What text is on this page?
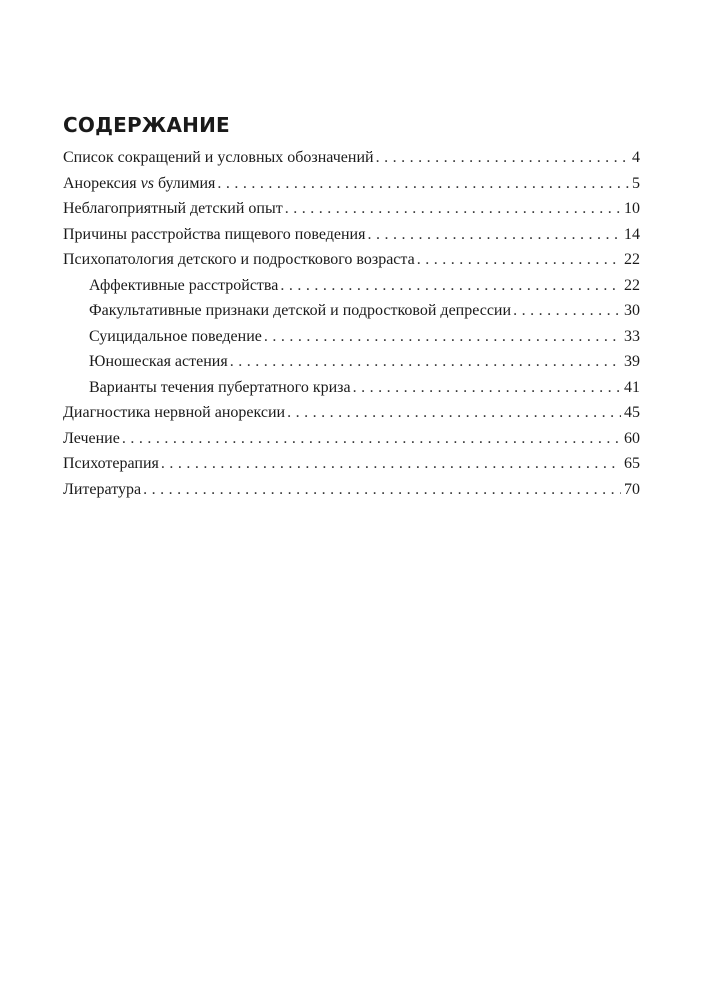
СОДЕРЖАНИЕ
Список сокращений и условных обозначений . . .	4
Анорексия vs булимия . . .	5
Неблагоприятный детский опыт . . .	10
Причины расстройства пищевого поведения . . .	14
Психопатология детского и подросткового возраста . . .	22
Аффективные расстройства . . .	22
Факультативные признаки детской и подростковой депрессии . . .	30
Суицидальное поведение . . .	33
Юношеская астения . . .	39
Варианты течения пубертатного криза . . .	41
Диагностика нервной анорексии . . .	45
Лечение . . .	60
Психотерапия . . .	65
Литература . . .	70
